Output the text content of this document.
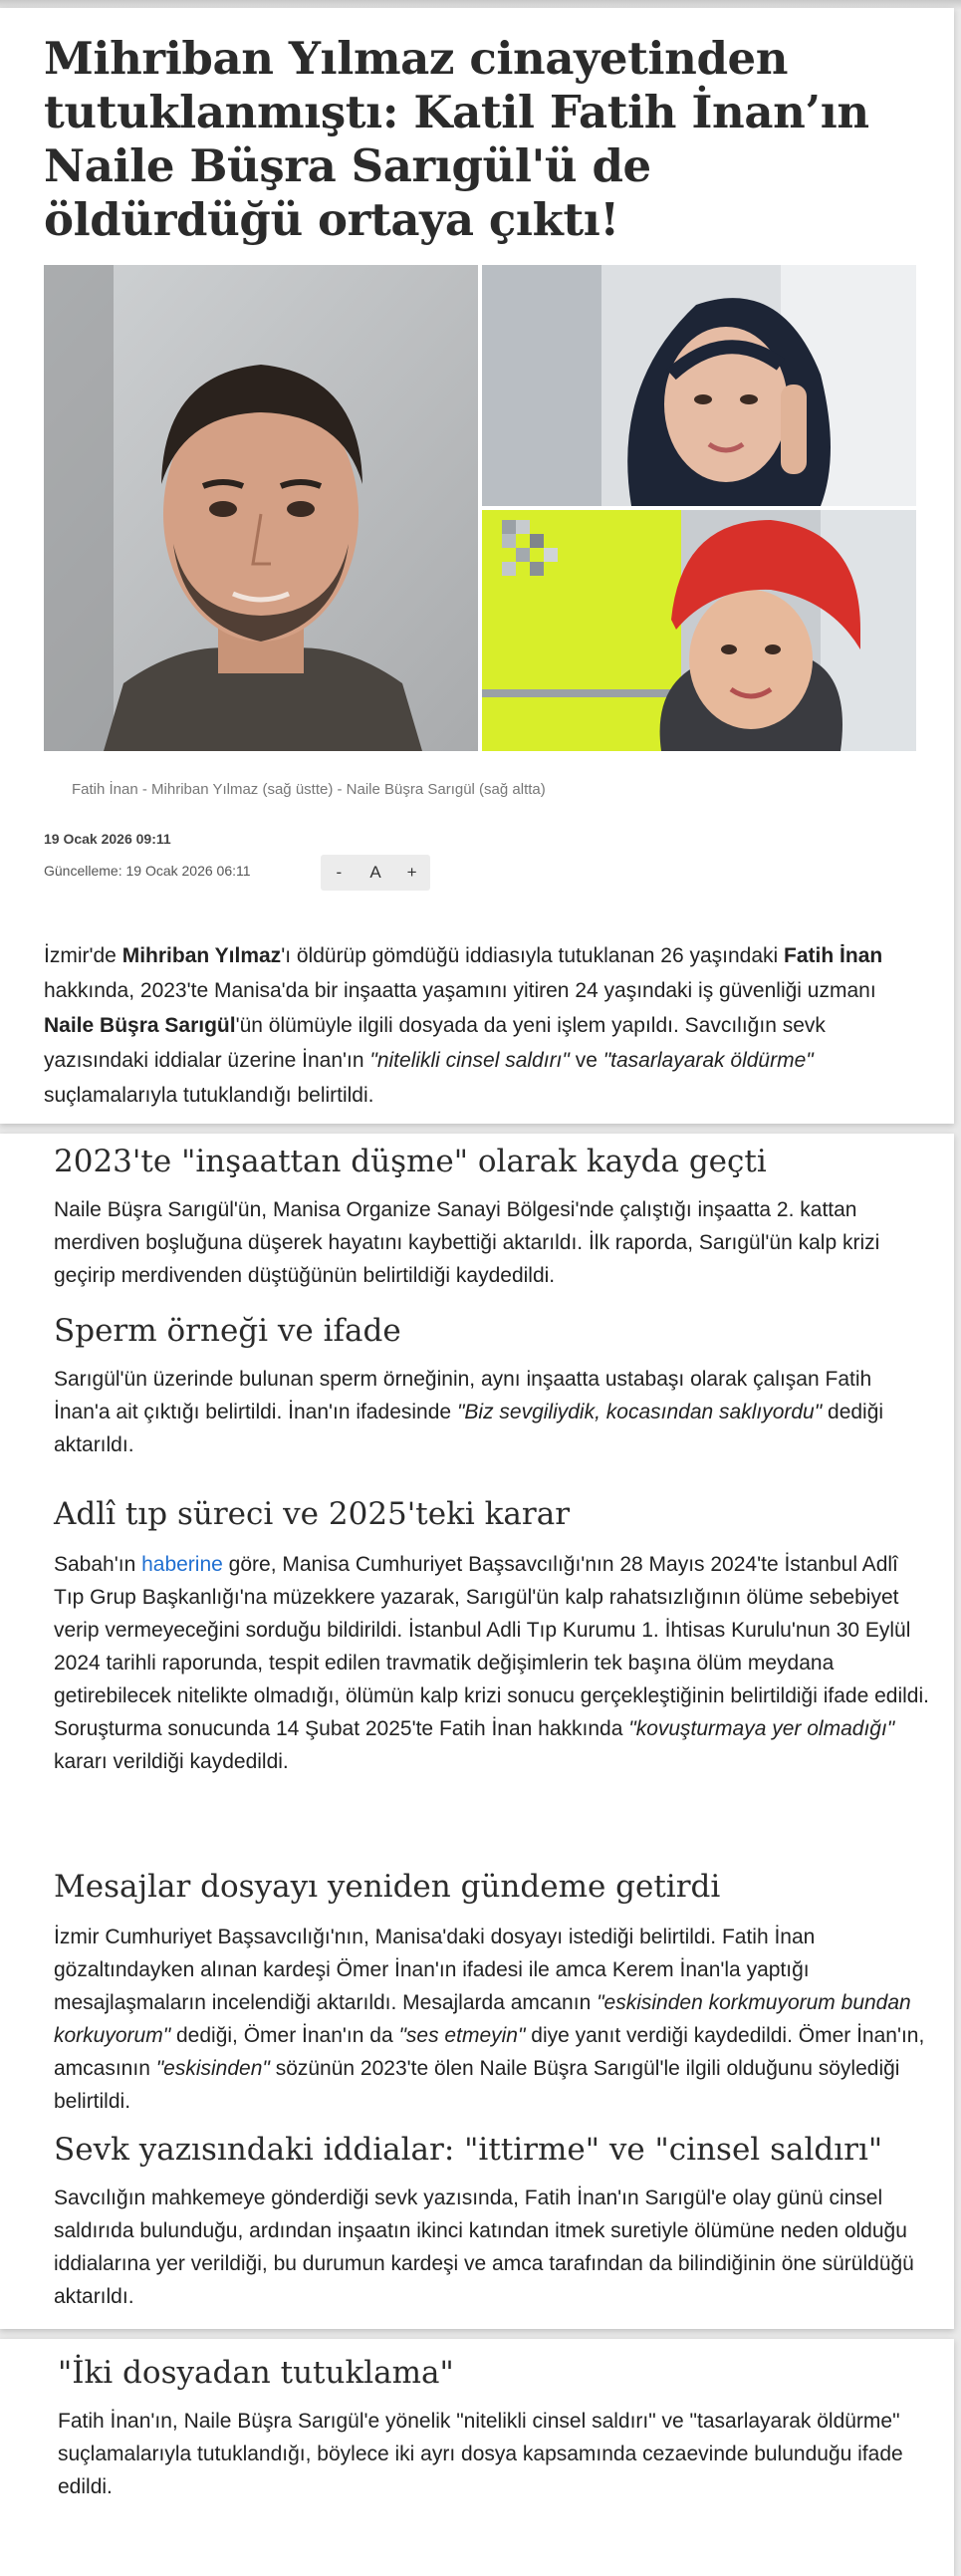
Mihriban Yılmaz cinayetinden tutuklanmıştı: Katil Fatih İnan’ın Naile Büşra Sarıgül'ü de öldürdüğü ortaya çıktı!
Fatih İnan - Mihriban Yılmaz (sağ üstte) - Naile Büşra Sarıgül (sağ altta)
19 Ocak 2026 09:11
Güncelleme: 19 Ocak 2026 06:11	-	A	+

İzmir'de Mihriban Yılmaz'ı öldürüp gömdüğü iddiasıyla tutuklanan 26 yaşındaki Fatih İnan hakkında, 2023'te Manisa'da bir inşaatta yaşamını yitiren 24 yaşındaki iş güvenliği uzmanı Naile Büşra Sarıgül'ün ölümüyle ilgili dosyada da yeni işlem yapıldı. Savcılığın sevk yazısındaki iddialar üzerine İnan'ın "nitelikli cinsel saldırı" ve "tasarlayarak öldürme" suçlamalarıyla tutuklandığı belirtildi.

2023'te "inşaattan düşme" olarak kayda geçti

Naile Büşra Sarıgül'ün, Manisa Organize Sanayi Bölgesi'nde çalıştığı inşaatta 2. kattan merdiven boşluğuna düşerek hayatını kaybettiği aktarıldı. İlk raporda, Sarıgül'ün kalp krizi geçirip merdivenden düştüğünün belirtildiği kaydedildi.

Sperm örneği ve ifade

Sarıgül'ün üzerinde bulunan sperm örneğinin, aynı inşaatta ustabaşı olarak çalışan Fatih İnan'a ait çıktığı belirtildi. İnan'ın ifadesinde "Biz sevgiliydik, kocasından saklıyordu" dediği aktarıldı.

Adlî tıp süreci ve 2025'teki karar

Sabah'ın haberine göre, Manisa Cumhuriyet Başsavcılığı'nın 28 Mayıs 2024'te İstanbul Adlî Tıp Grup Başkanlığı'na müzekkere yazarak, Sarıgül'ün kalp rahatsızlığının ölüme sebebiyet verip vermeyeceğini sorduğu bildirildi. İstanbul Adli Tıp Kurumu 1. İhtisas Kurulu'nun 30 Eylül 2024 tarihli raporunda, tespit edilen travmatik değişimlerin tek başına ölüm meydana getirebilecek nitelikte olmadığı, ölümün kalp krizi sonucu gerçekleştiğinin belirtildiği ifade edildi. Soruşturma sonucunda 14 Şubat 2025'te Fatih İnan hakkında "kovuşturmaya yer olmadığı" kararı verildiği kaydedildi.

Mesajlar dosyayı yeniden gündeme getirdi

İzmir Cumhuriyet Başsavcılığı'nın, Manisa'daki dosyayı istediği belirtildi. Fatih İnan gözaltındayken alınan kardeşi Ömer İnan'ın ifadesi ile amca Kerem İnan'la yaptığı mesajlaşmaların incelendiği aktarıldı. Mesajlarda amcanın "eskisinden korkmuyorum bundan korkuyorum" dediği, Ömer İnan'ın da "ses etmeyin" diye yanıt verdiği kaydedildi. Ömer İnan'ın, amcasının "eskisinden" sözünün 2023'te ölen Naile Büşra Sarıgül'le ilgili olduğunu söylediği belirtildi.

Sevk yazısındaki iddialar: "ittirme" ve "cinsel saldırı"

Savcılığın mahkemeye gönderdiği sevk yazısında, Fatih İnan'ın Sarıgül'e olay günü cinsel saldırıda bulunduğu, ardından inşaatın ikinci katından itmek suretiyle ölümüne neden olduğu iddialarına yer verildiği, bu durumun kardeşi ve amca tarafından da bilindiğinin öne sürüldüğü aktarıldı.

"İki dosyadan tutuklama"

Fatih İnan'ın, Naile Büşra Sarıgül'e yönelik "nitelikli cinsel saldırı" ve "tasarlayarak öldürme" suçlamalarıyla tutuklandığı, böylece iki ayrı dosya kapsamında cezaevinde bulunduğu ifade edildi.
